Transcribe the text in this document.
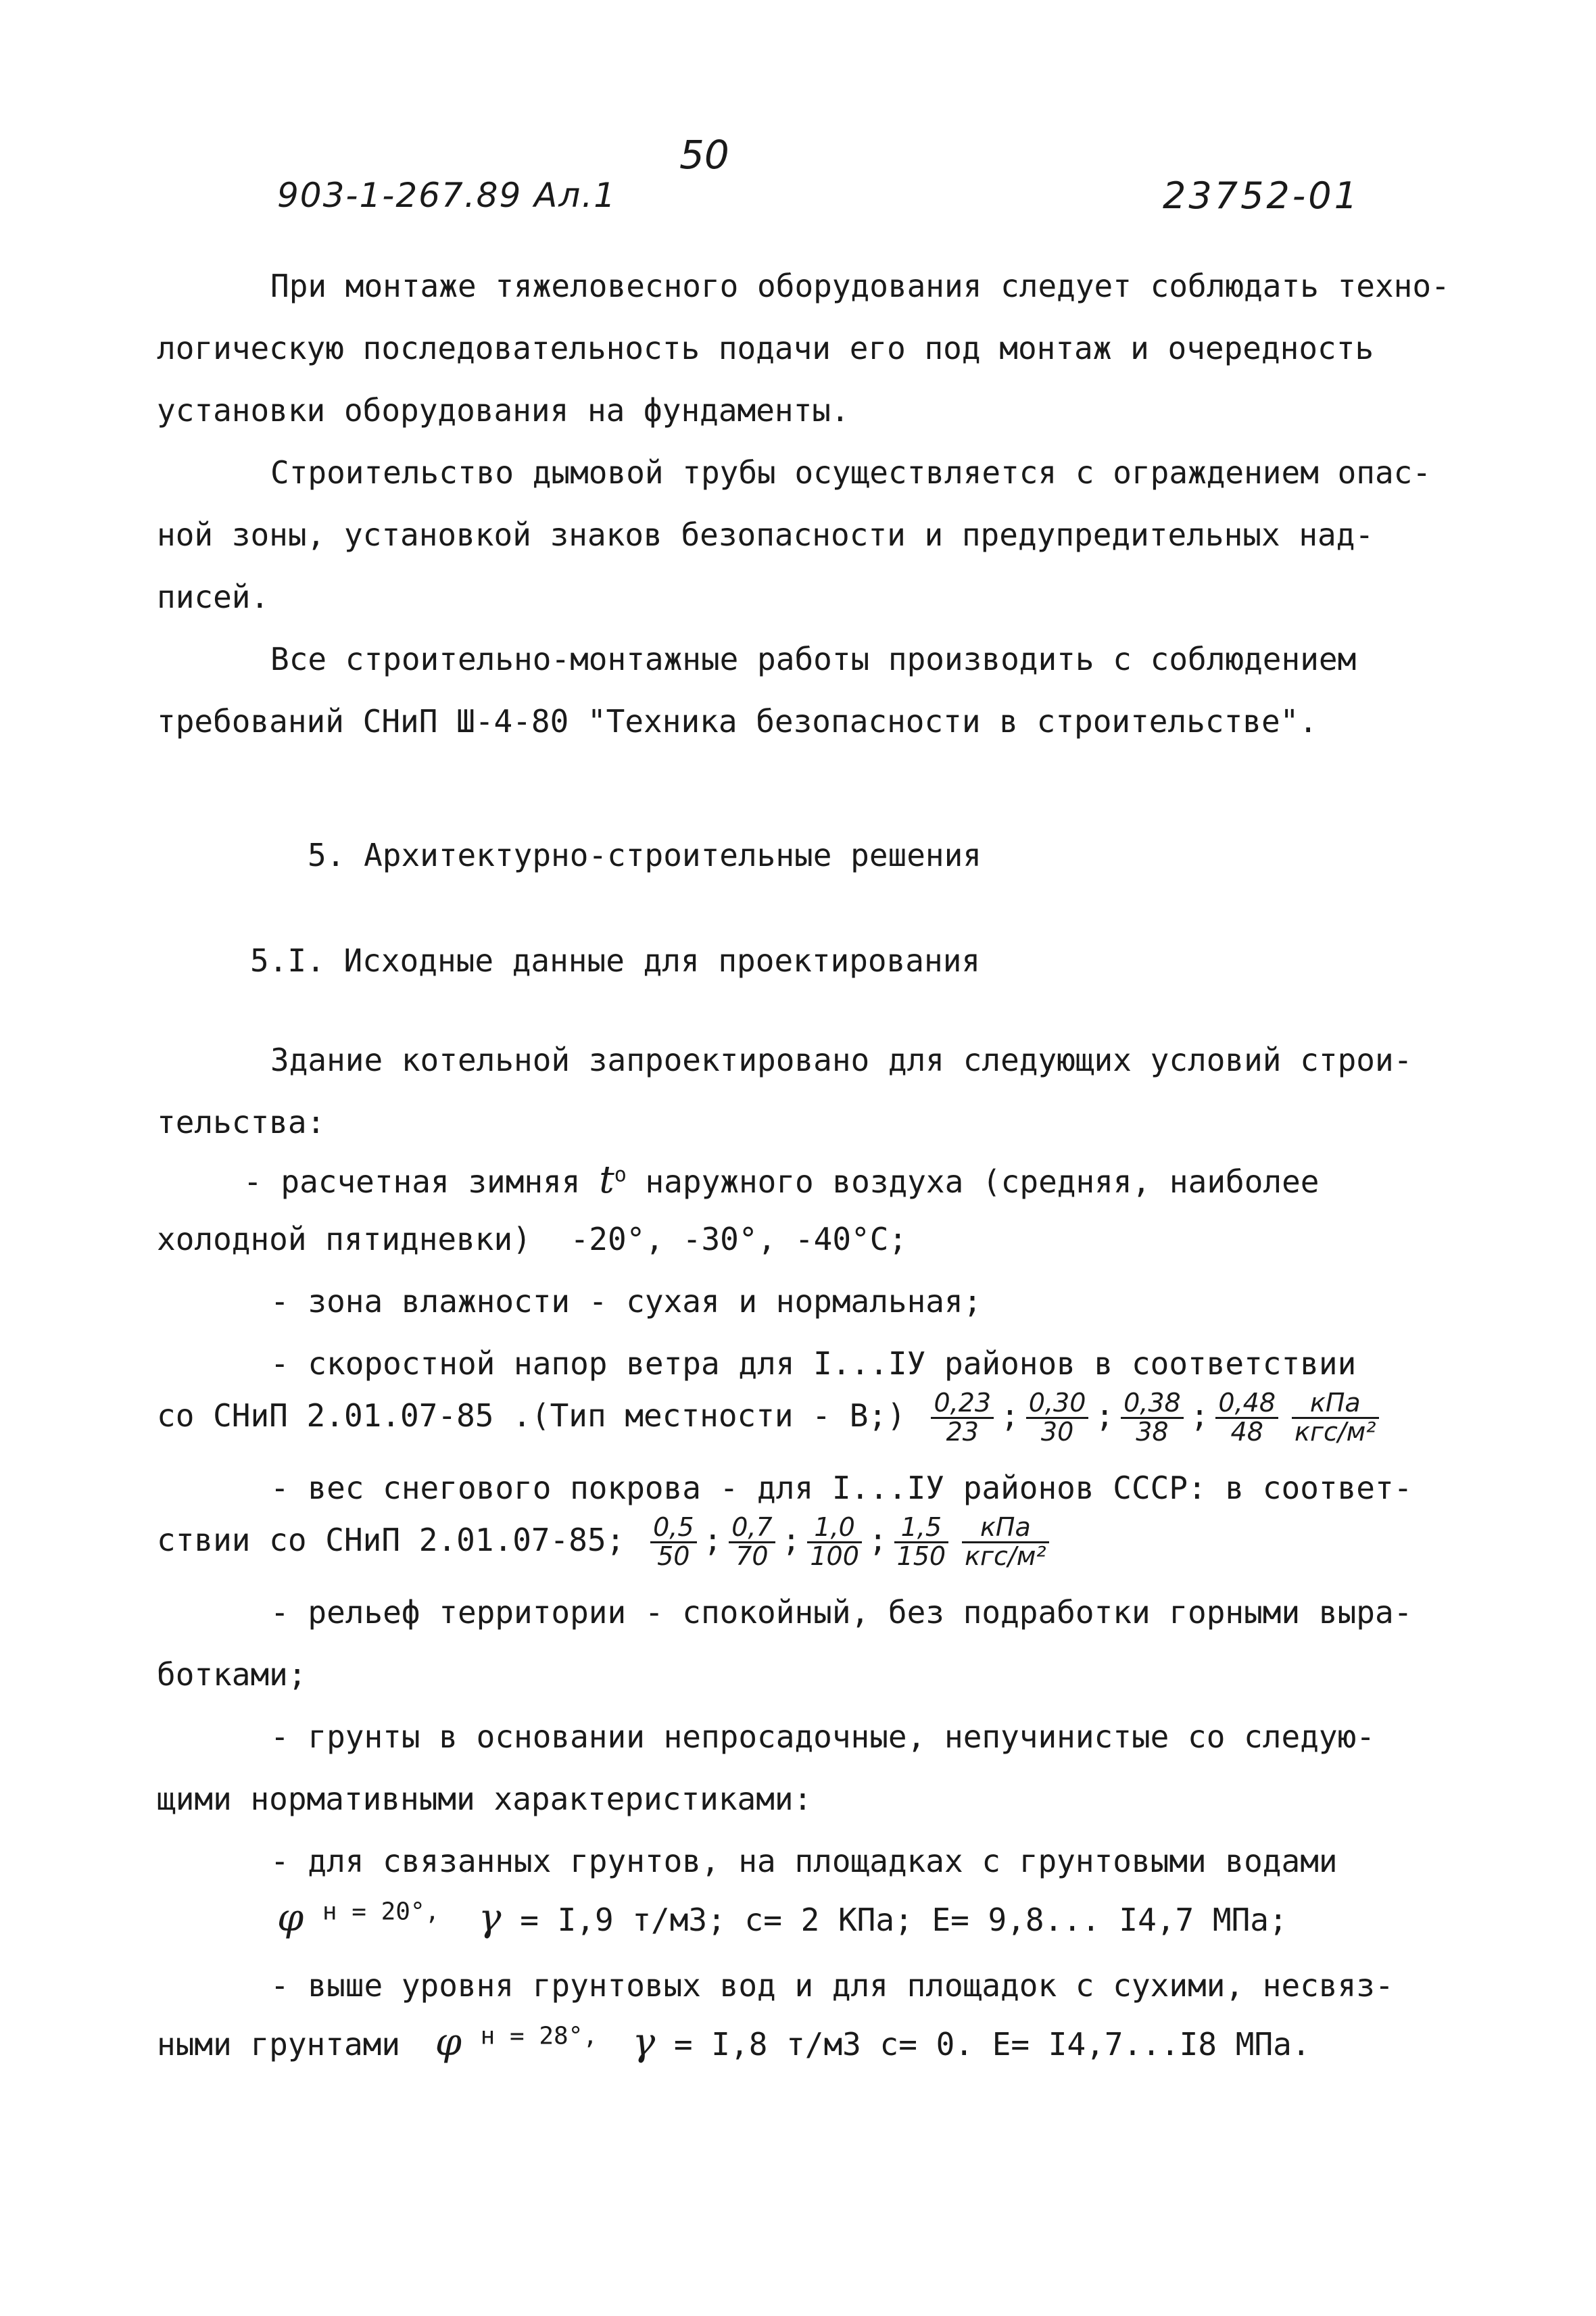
50
903-1-267.89 Ал.1	23752-01
При монтаже тяжеловесного оборудования следует соблюдать техно-
логическую последовательность подачи его под монтаж и очередность
установки оборудования на фундаменты.
Строительство дымовой трубы осуществляется с ограждением опас-
ной зоны, установкой знаков безопасности и предупредительных над-
писей.
Все строительно-монтажные работы производить с соблюдением
требований СНиП Ш-4-80 "Техника безопасности в строительстве".
5. Архитектурно-строительные решения
5.I. Исходные данные для проектирования
Здание котельной запроектировано для следующих условий строи-
тельства:
- расчетная зимняя $t^o$ наружного воздуха (средняя, наиболее
холодной пятидневки) -20°, -30°, -40°С;
- зона влажности - сухая и нормальная;
- скоростной напор ветра для I...IУ районов в соответствии
со СНиП 2.01.07-85 .(Тип местности - В;) $\frac{0,23}{23}$ ; $\frac{0,30}{30}$ ; $\frac{0,38}{38}$ ; $\frac{0,48}{48} \frac{\text{кПа}}{\text{кгс/м²}}$
- вес снегового покрова - для I...IУ районов СССР: в соответ-
ствии со СНиП 2.01.07-85; $\frac{0,5}{50}$ ; $\frac{0,7}{70}$ ; $\frac{1,0}{100}$ ; $\frac{1,5}{150} \frac{\text{кПа}}{\text{кгс/м²}}$
- рельеф территории - спокойный, без подработки горными выра-
ботками;
- грунты в основании непросадочные, непучинистые со следую-
щими нормативными характеристиками:
- для связанных грунтов, на площадках с грунтовыми водами
φ $^{н = 20^\circ,}$ γ = I,9 т/м3; с= 2 КПа; Е= 9,8... I4,7 МПа;
- выше уровня грунтовых вод и для площадок с сухими, несвяз-
ными грунтами φ $^{н = 28^\circ,}$ γ = I,8 т/м3 с= 0. Е= I4,7...I8 МПа.
